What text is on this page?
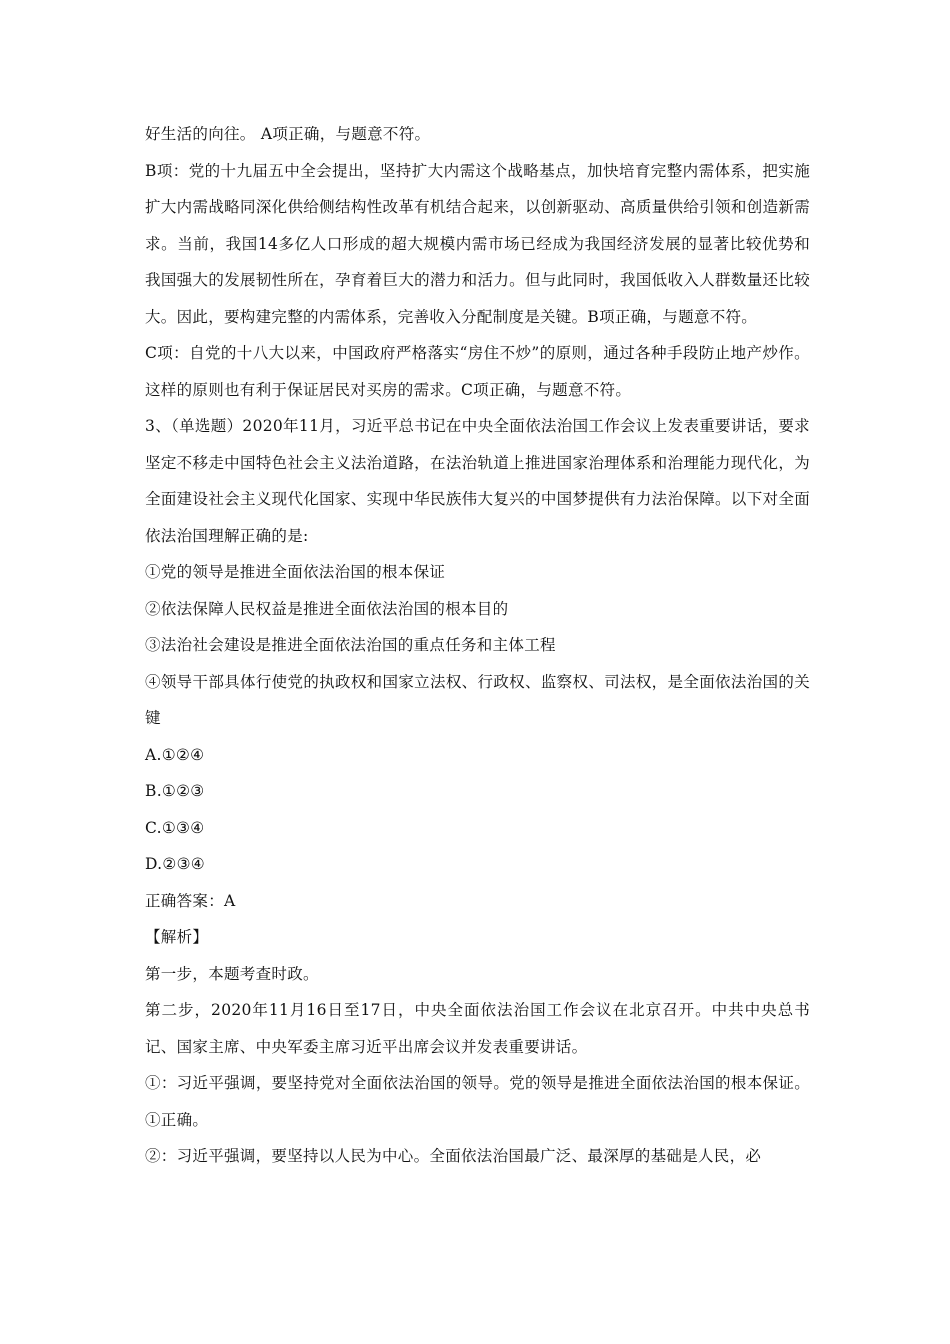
好生活的向往。 A项正确，与题意不符。

B项：党的十九届五中全会提出，坚持扩大内需这个战略基点，加快培育完整内需体系，把实施扩大内需战略同深化供给侧结构性改革有机结合起来，以创新驱动、高质量供给引领和创造新需求。当前，我国14多亿人口形成的超大规模内需市场已经成为我国经济发展的显著比较优势和我国强大的发展韧性所在，孕育着巨大的潜力和活力。但与此同时，我国低收入人群数量还比较大。因此，要构建完整的内需体系，完善收入分配制度是关键。B项正确，与题意不符。

C项：自党的十八大以来，中国政府严格落实“房住不炒”的原则，通过各种手段防止地产炒作。这样的原则也有利于保证居民对买房的需求。C项正确，与题意不符。

3、（单选题）2020年11月，习近平总书记在中央全面依法治国工作会议上发表重要讲话，要求坚定不移走中国特色社会主义法治道路，在法治轨道上推进国家治理体系和治理能力现代化，为全面建设社会主义现代化国家、实现中华民族伟大复兴的中国梦提供有力法治保障。以下对全面依法治国理解正确的是:

①党的领导是推进全面依法治国的根本保证

②依法保障人民权益是推进全面依法治国的根本目的

③法治社会建设是推进全面依法治国的重点任务和主体工程

④领导干部具体行使党的执政权和国家立法权、行政权、监察权、司法权，是全面依法治国的关键

A.①②④

B.①②③

C.①③④

D.②③④

正确答案：A

【解析】

第一步，本题考查时政。

第二步，2020年11月16日至17日，中央全面依法治国工作会议在北京召开。中共中央总书记、国家主席、中央军委主席习近平出席会议并发表重要讲话。

①：习近平强调，要坚持党对全面依法治国的领导。党的领导是推进全面依法治国的根本保证。①正确。

②：习近平强调，要坚持以人民为中心。全面依法治国最广泛、最深厚的基础是人民，必
